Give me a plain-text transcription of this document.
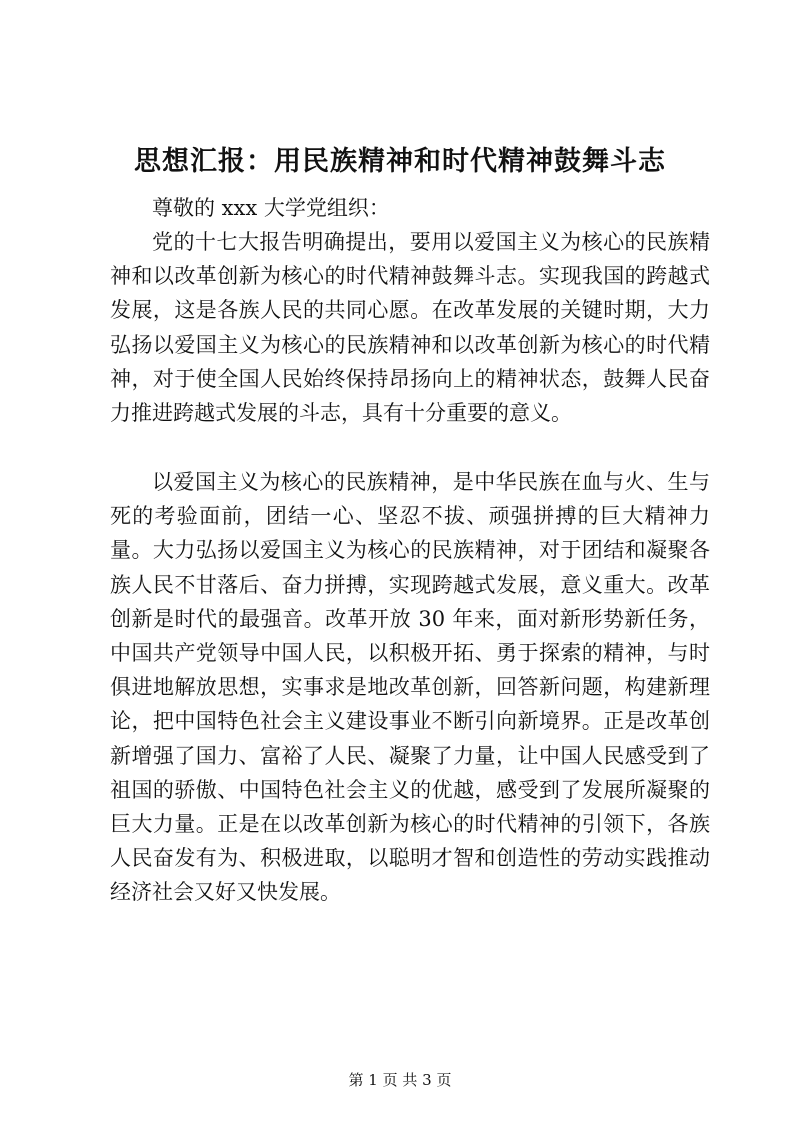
思想汇报：用民族精神和时代精神鼓舞斗志
尊敬的 xxx 大学党组织：
党的十七大报告明确提出，要用以爱国主义为核心的民族精神和以改革创新为核心的时代精神鼓舞斗志。实现我国的跨越式发展，这是各族人民的共同心愿。在改革发展的关键时期，大力弘扬以爱国主义为核心的民族精神和以改革创新为核心的时代精神，对于使全国人民始终保持昂扬向上的精神状态，鼓舞人民奋力推进跨越式发展的斗志，具有十分重要的意义。
以爱国主义为核心的民族精神，是中华民族在血与火、生与死的考验面前，团结一心、坚忍不拔、顽强拼搏的巨大精神力量。大力弘扬以爱国主义为核心的民族精神，对于团结和凝聚各族人民不甘落后、奋力拼搏，实现跨越式发展，意义重大。改革创新是时代的最强音。改革开放 30 年来，面对新形势新任务，中国共产党领导中国人民，以积极开拓、勇于探索的精神，与时俱进地解放思想，实事求是地改革创新，回答新问题，构建新理论，把中国特色社会主义建设事业不断引向新境界。正是改革创新增强了国力、富裕了人民、凝聚了力量，让中国人民感受到了祖国的骄傲、中国特色社会主义的优越，感受到了发展所凝聚的巨大力量。正是在以改革创新为核心的时代精神的引领下，各族人民奋发有为、积极进取，以聪明才智和创造性的劳动实践推动经济社会又好又快发展。
第 1 页 共 3 页
